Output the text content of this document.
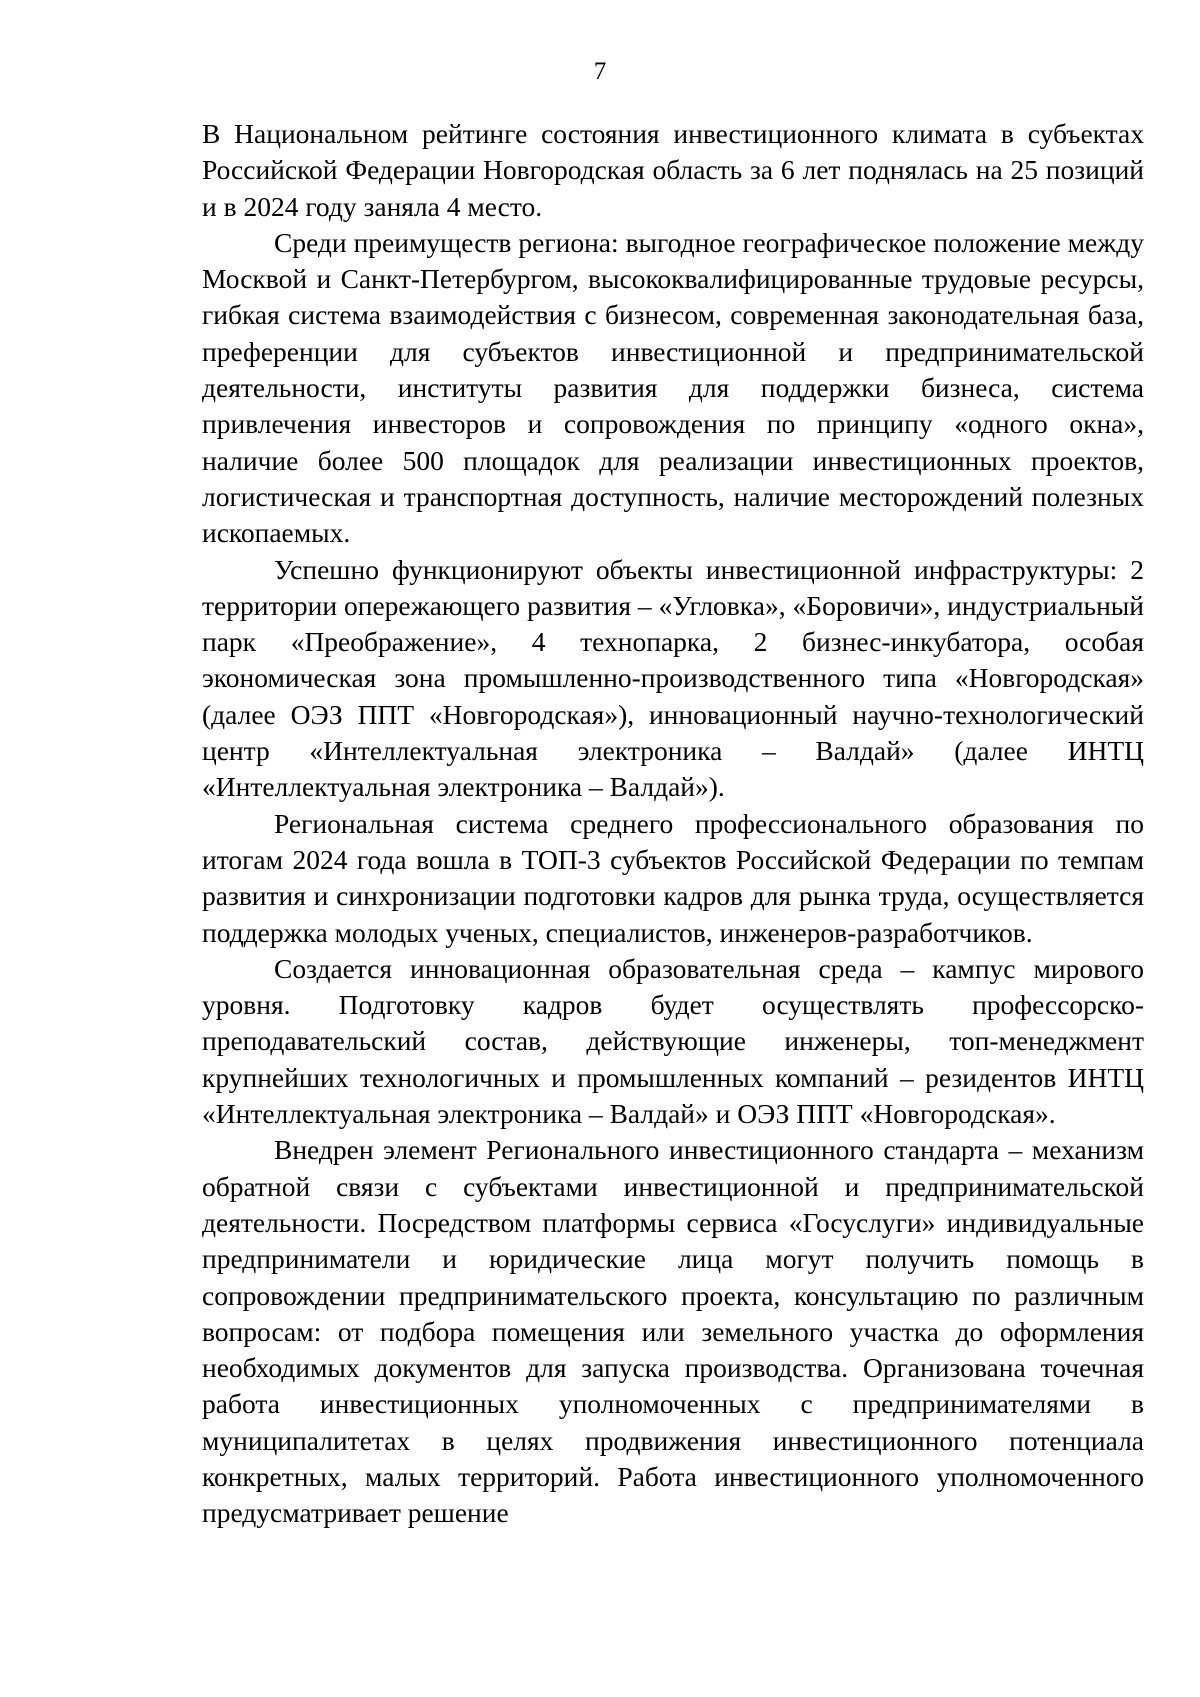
7

В Национальном рейтинге состояния инвестиционного климата в субъектах Российской Федерации Новгородская область за 6 лет поднялась на 25 позиций и в 2024 году заняла 4 место.

Среди преимуществ региона: выгодное географическое положение между Москвой и Санкт-Петербургом, высококвалифицированные трудовые ресурсы, гибкая система взаимодействия с бизнесом, современная законодательная база, преференции для субъектов инвестиционной и предпринимательской деятельности, институты развития для поддержки бизнеса, система привлечения инвесторов и сопровождения по принципу «одного окна», наличие более 500 площадок для реализации инвестиционных проектов, логистическая и транспортная доступность, наличие месторождений полезных ископаемых.

Успешно функционируют объекты инвестиционной инфраструктуры: 2 территории опережающего развития – «Угловка», «Боровичи», индустриальный парк «Преображение», 4 технопарка, 2 бизнес-инкубатора, особая экономическая зона промышленно-производственного типа «Новгородская» (далее ОЭЗ ППТ «Новгородская»), инновационный научно-технологический центр «Интеллектуальная электроника – Валдай» (далее ИНТЦ «Интеллектуальная электроника – Валдай»).

Региональная система среднего профессионального образования по итогам 2024 года вошла в ТОП-3 субъектов Российской Федерации по темпам развития и синхронизации подготовки кадров для рынка труда, осуществляется поддержка молодых ученых, специалистов, инженеров-разработчиков.

Создается инновационная образовательная среда – кампус мирового уровня. Подготовку кадров будет осуществлять профессорско-преподавательский состав, действующие инженеры, топ-менеджмент крупнейших технологичных и промышленных компаний – резидентов ИНТЦ «Интеллектуальная электроника – Валдай» и ОЭЗ ППТ «Новгородская».

Внедрен элемент Регионального инвестиционного стандарта – механизм обратной связи с субъектами инвестиционной и предпринимательской деятельности. Посредством платформы сервиса «Госуслуги» индивидуальные предприниматели и юридические лица могут получить помощь в сопровождении предпринимательского проекта, консультацию по различным вопросам: от подбора помещения или земельного участка до оформления необходимых документов для запуска производства. Организована точечная работа инвестиционных уполномоченных с предпринимателями в муниципалитетах в целях продвижения инвестиционного потенциала конкретных, малых территорий. Работа инвестиционного уполномоченного предусматривает решение
